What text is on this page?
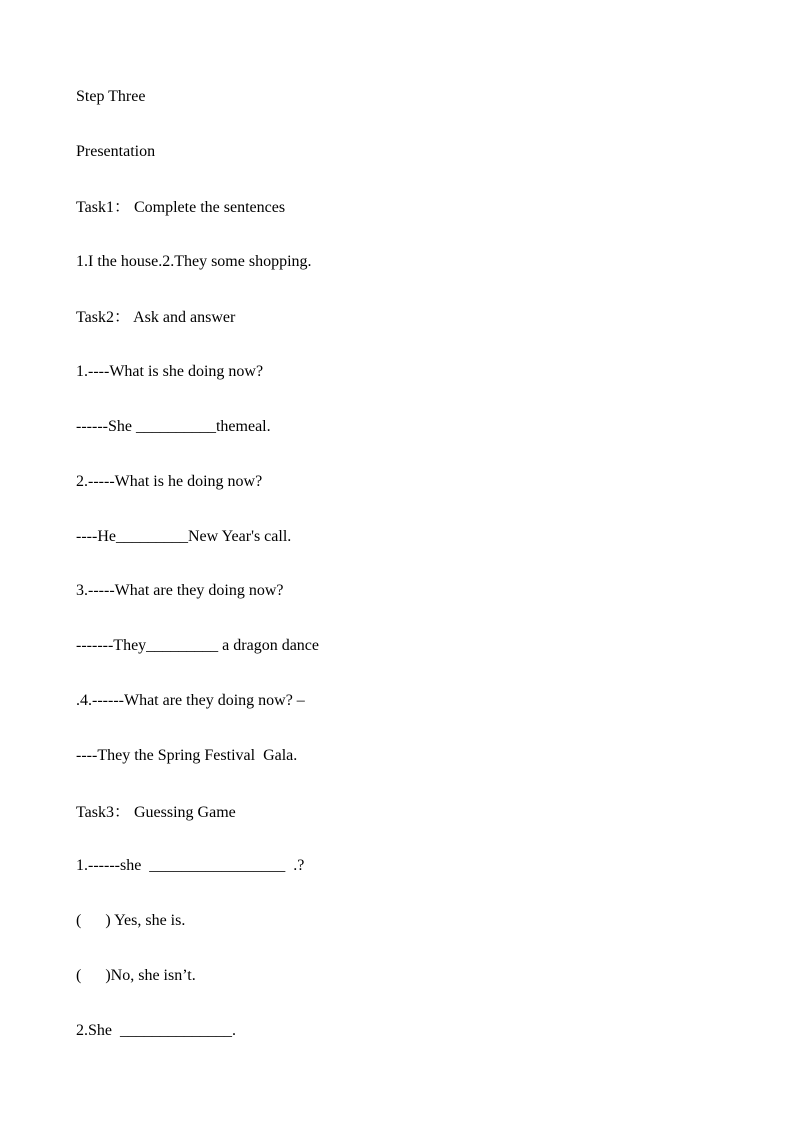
Step Three
Presentation
Task1： Complete the sentences
1.I the house.2.They some shopping.
Task2： Ask and answer
1.----What is she doing now?
------She __________themeal.
2.-----What is he doing now?
----He_________New Year's call.
3.-----What are they doing now?
-------They_________ a dragon dance
.4.------What are they doing now? –
----They the Spring Festival  Gala.
Task3： Guessing Game
1.------she  _________________  .?
(      ) Yes, she is.
(      )No, she isn’t.
2.She  ______________.
